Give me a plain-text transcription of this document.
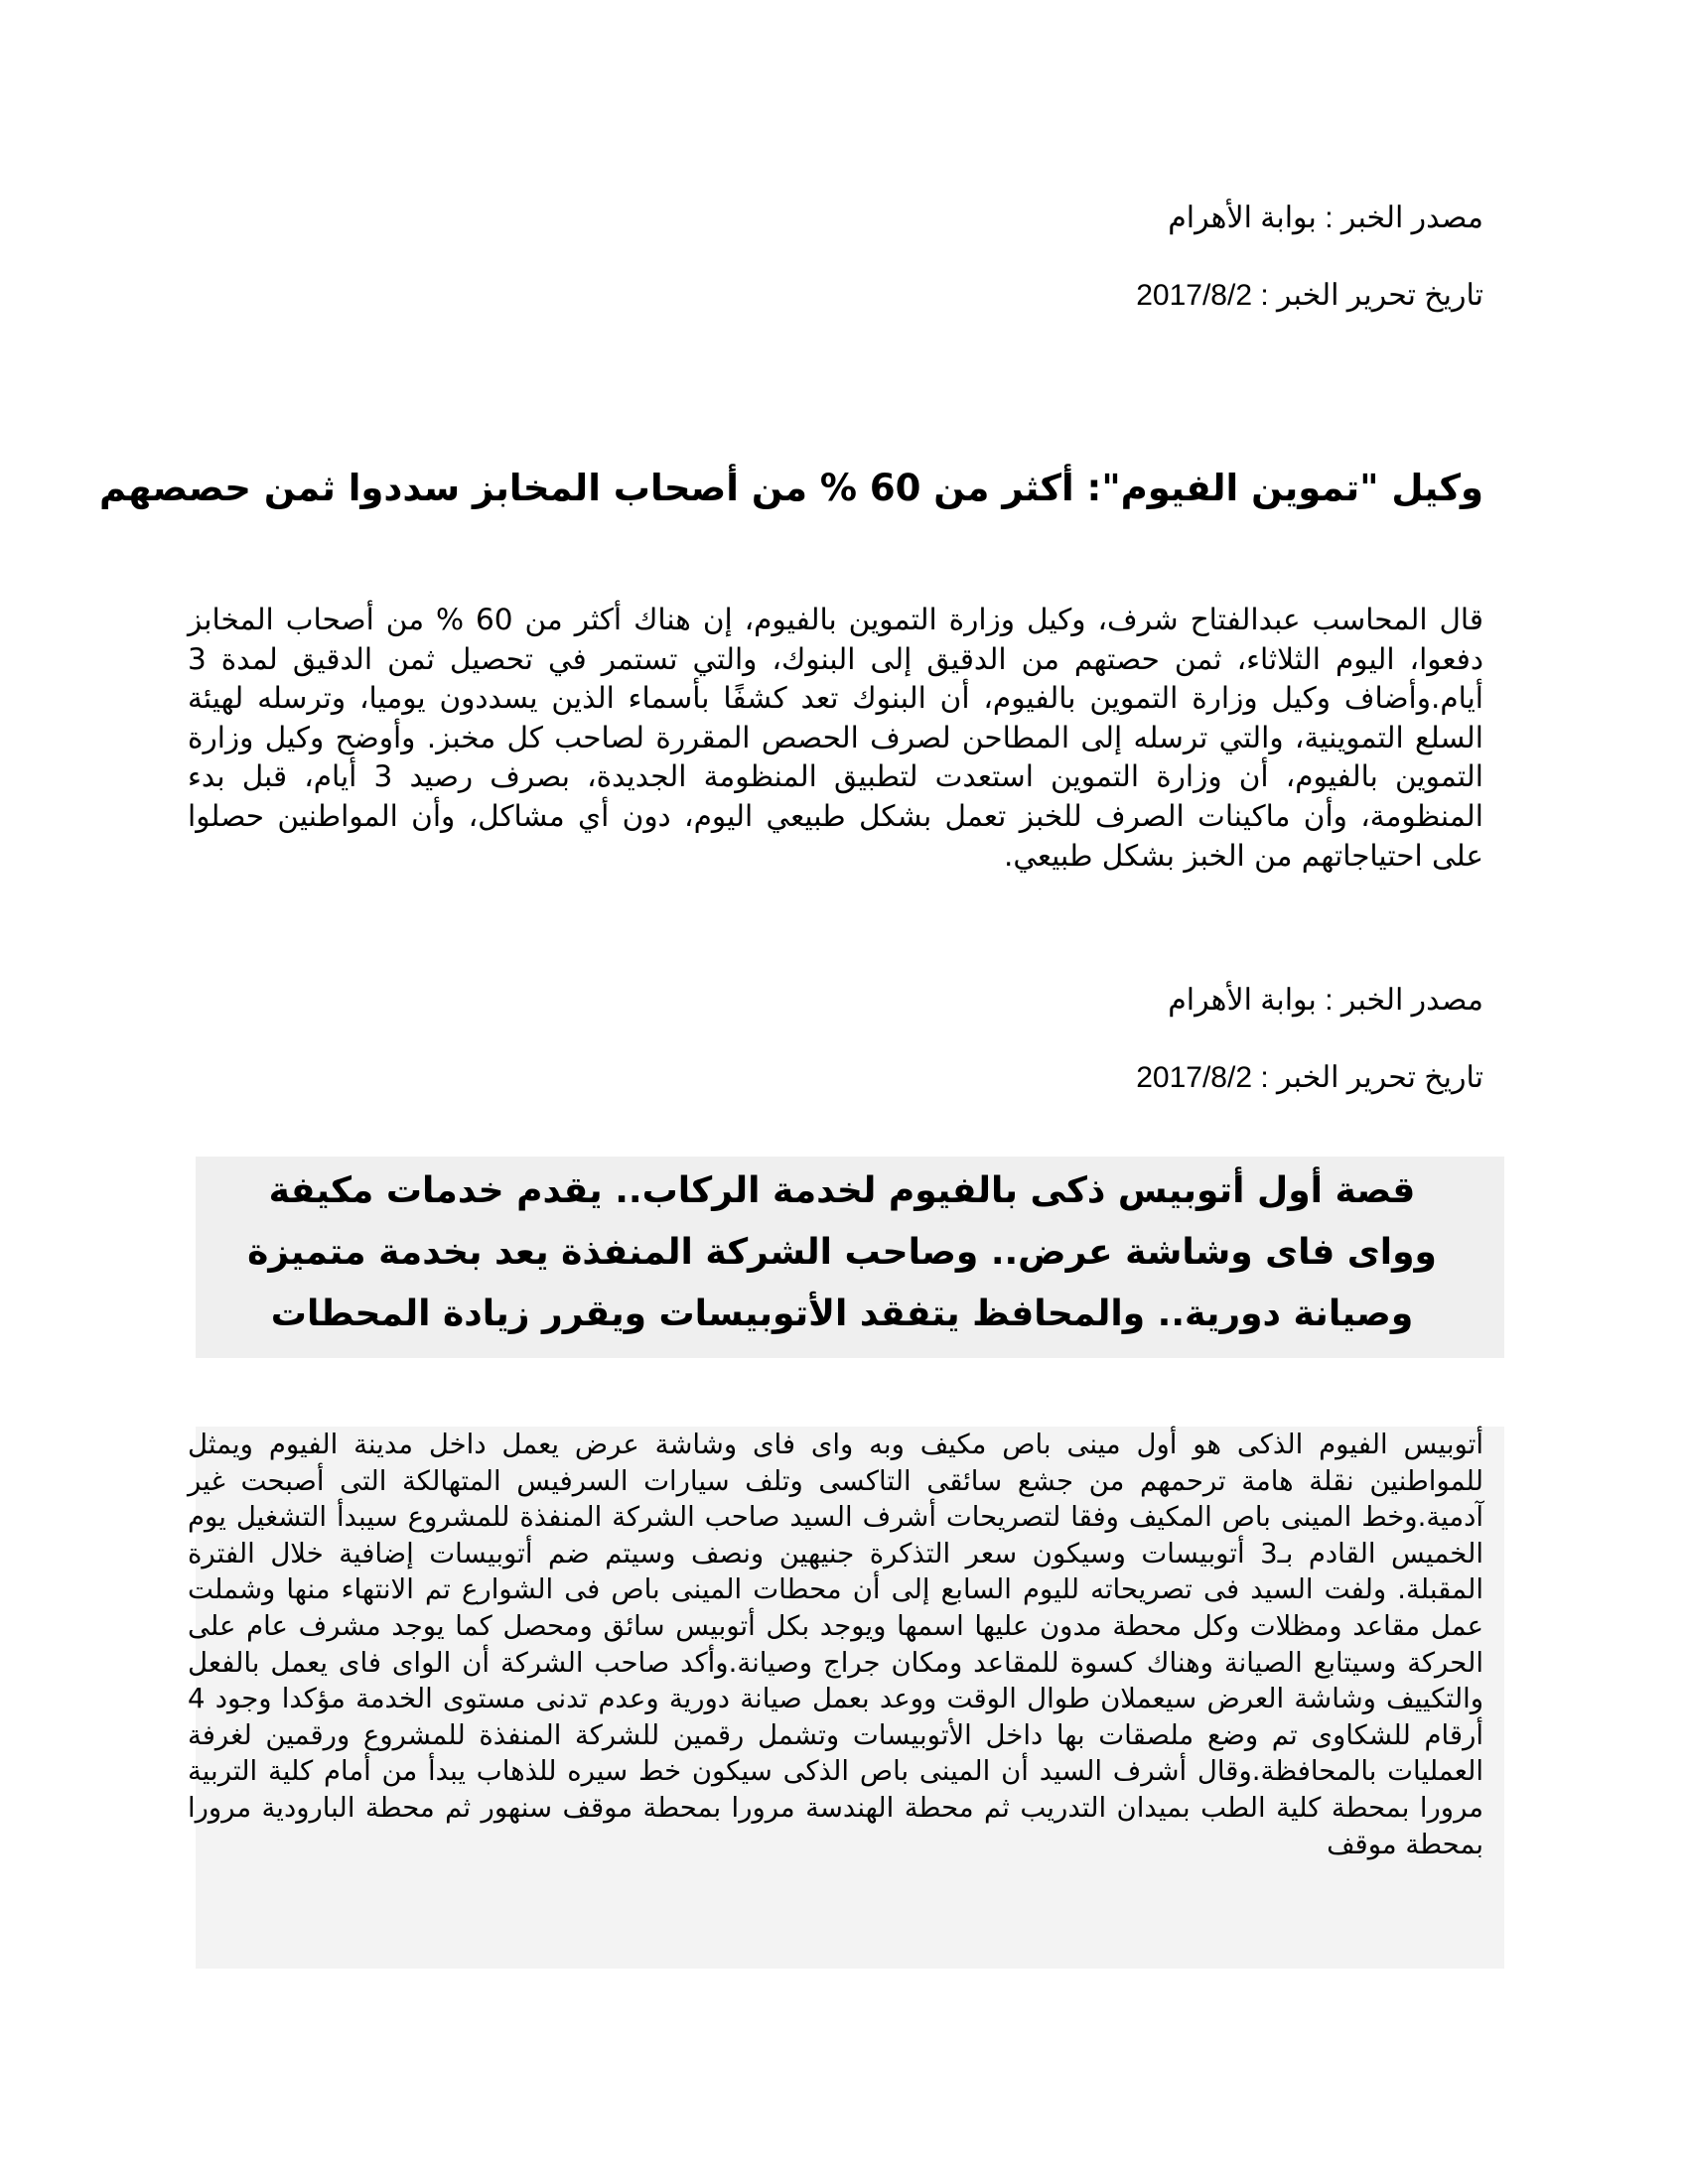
مصدر الخبر : بوابة الأهرام
تاريخ تحرير الخبر : 2017/8/2
وكيل "تموين الفيوم": أكثر من 60 % من أصحاب المخابز سددوا ثمن حصصهم

قال المحاسب عبدالفتاح شرف، وكيل وزارة التموين بالفيوم، إن هناك أكثر من 60 % من أصحاب المخابز دفعوا، اليوم الثلاثاء، ثمن حصتهم من الدقيق إلى البنوك، والتي تستمر في تحصيل ثمن الدقيق لمدة 3 أيام.وأضاف وكيل وزارة التموين بالفيوم، أن البنوك تعد كشفًا بأسماء الذين يسددون يوميا، وترسله لهيئة السلع التموينية، والتي ترسله إلى المطاحن لصرف الحصص المقررة لصاحب كل مخبز. وأوضح وكيل وزارة التموين بالفيوم، أن وزارة التموين استعدت لتطبيق المنظومة الجديدة، بصرف رصيد 3 أيام، قبل بدء المنظومة، وأن ماكينات الصرف للخبز تعمل بشكل طبيعي اليوم، دون أي مشاكل، وأن المواطنين حصلوا على احتياجاتهم من الخبز بشكل طبيعي.

مصدر الخبر : بوابة الأهرام
تاريخ تحرير الخبر : 2017/8/2
قصة أول أتوبيس ذكى بالفيوم لخدمة الركاب.. يقدم خدمات مكيفة وواى فاى وشاشة عرض.. وصاحب الشركة المنفذة يعد بخدمة متميزة وصيانة دورية.. والمحافظ يتفقد الأتوبيسات ويقرر زيادة المحطات

أتوبيس الفيوم الذكى هو أول مينى باص مكيف وبه واى فاى وشاشة عرض يعمل داخل مدينة الفيوم ويمثل للمواطنين نقلة هامة ترحمهم من جشع سائقى التاكسى وتلف سيارات السرفيس المتهالكة التى أصبحت غير آدمية.وخط المينى باص المكيف وفقا لتصريحات أشرف السيد صاحب الشركة المنفذة للمشروع سيبدأ التشغيل يوم الخميس القادم بـ3 أتوبيسات وسيكون سعر التذكرة جنيهين ونصف وسيتم ضم أتوبيسات إضافية خلال الفترة المقبلة. ولفت السيد فى تصريحاته لليوم السابع إلى أن محطات المينى باص فى الشوارع تم الانتهاء منها وشملت عمل مقاعد ومظلات وكل محطة مدون عليها اسمها ويوجد بكل أتوبيس سائق ومحصل كما يوجد مشرف عام على الحركة وسيتابع الصيانة وهناك كسوة للمقاعد ومكان جراج وصيانة.وأكد صاحب الشركة أن الواى فاى يعمل بالفعل والتكييف وشاشة العرض سيعملان طوال الوقت ووعد بعمل صيانة دورية وعدم تدنى مستوى الخدمة مؤكدا وجود 4 أرقام للشكاوى تم وضع ملصقات بها داخل الأتوبيسات وتشمل رقمين للشركة المنفذة للمشروع ورقمين لغرفة العمليات بالمحافظة.وقال أشرف السيد أن المينى باص الذكى سيكون خط سيره للذهاب يبدأ من أمام كلية التربية مرورا بمحطة كلية الطب بميدان التدريب ثم محطة الهندسة مرورا بمحطة موقف سنهور ثم محطة البارودية مرورا بمحطة موقف
